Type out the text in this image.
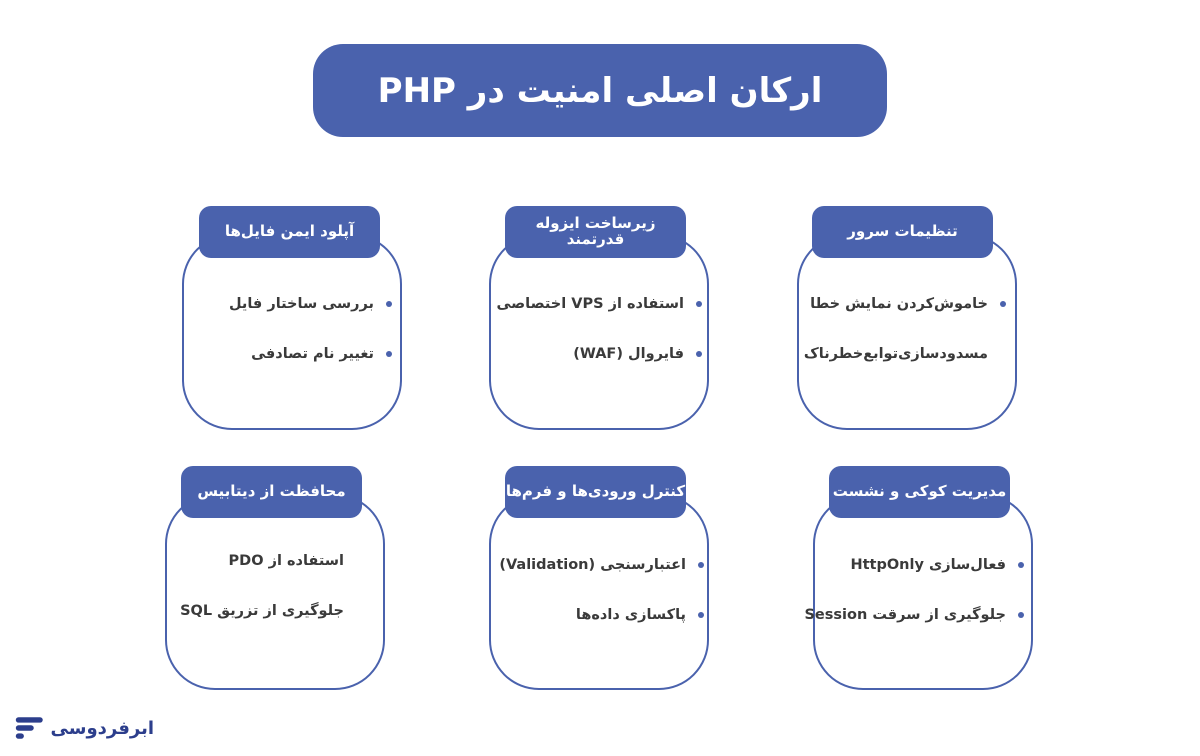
ارکان اصلی امنیت در PHP
تنظیمات سرور
خاموش‌کردن نمایش خطا
مسدودسازی‌توابع‌خطرناک
زیرساخت ایزوله قدرتمند
استفاده از VPS اختصاصی
فایروال (WAF)
آپلود ایمن فایل‌ها
بررسی ساختار فایل
تغییر نام تصادفی
مدیریت کوکی و نشست
فعال‌سازی HttpOnly
جلوگیری از سرقت Session
کنترل ورودی‌ها و فرم‌ها
اعتبارسنجی (Validation)
پاکسازی داده‌ها
محافظت از دیتابیس
استفاده از PDO
جلوگیری از تزریق SQL
ابرفردوسی
